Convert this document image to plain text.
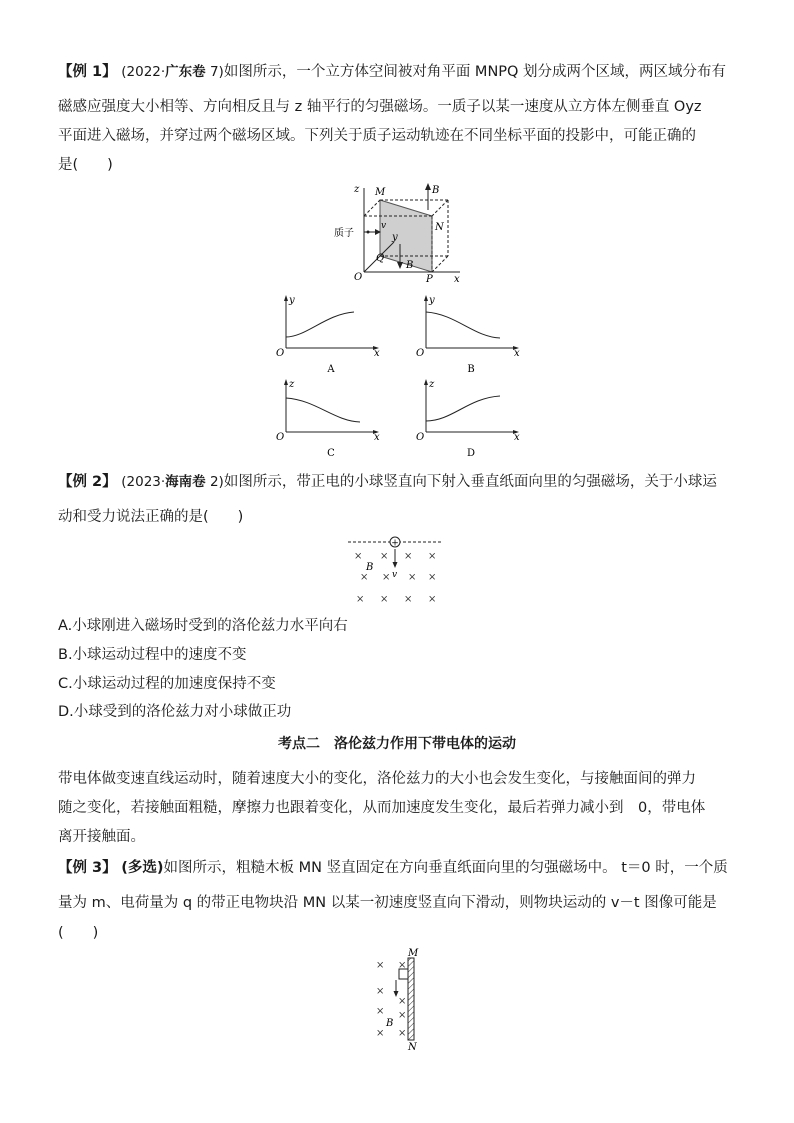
【例 1】 (2022·广东卷 7)如图所示，一个立方体空间被对角平面 MNPQ 划分成两个区域，两区域分布有
磁感应强度大小相等、方向相反且与 z 轴平行的匀强磁场。一质子以某一速度从立方体左侧垂直 Oyz
平面进入磁场，并穿过两个磁场区域。下列关于质子运动轨迹在不同坐标平面的投影中，可能正确的
是(　　)
z M	B
N
质子
v
y
Q
B
O	P x
y
O	x
A
y
O	x
B
z
O	x
C
z
O	x
D
【例 2】 (2023·海南卷 2)如图所示，带正电的小球竖直向下射入垂直纸面向里的匀强磁场，关于小球运
动和受力说法正确的是(　　)
+
v
B
× × × ×
× × × ×
× × × ×
A.小球刚进入磁场时受到的洛伦兹力水平向右
B.小球运动过程中的速度不变
C.小球运动过程的加速度保持不变
D.小球受到的洛伦兹力对小球做正功
考点二　洛伦兹力作用下带电体的运动
带电体做变速直线运动时，随着速度大小的变化，洛伦兹力的大小也会发生变化，与接触面间的弹力
随之变化，若接触面粗糙，摩擦力也跟着变化，从而加速度发生变化，最后若弹力减小到　0，带电体
离开接触面。
【例 3】 (多选)如图所示，粗糙木板 MN 竖直固定在方向垂直纸面向里的匀强磁场中。 t＝0 时，一个质
量为 m、电荷量为 q 的带正电物块沿 MN 以某一初速度竖直向下滑动，则物块运动的 v－t 图像可能是
(　　)
M
N
B
× ×
×
×
× ×
× ×
